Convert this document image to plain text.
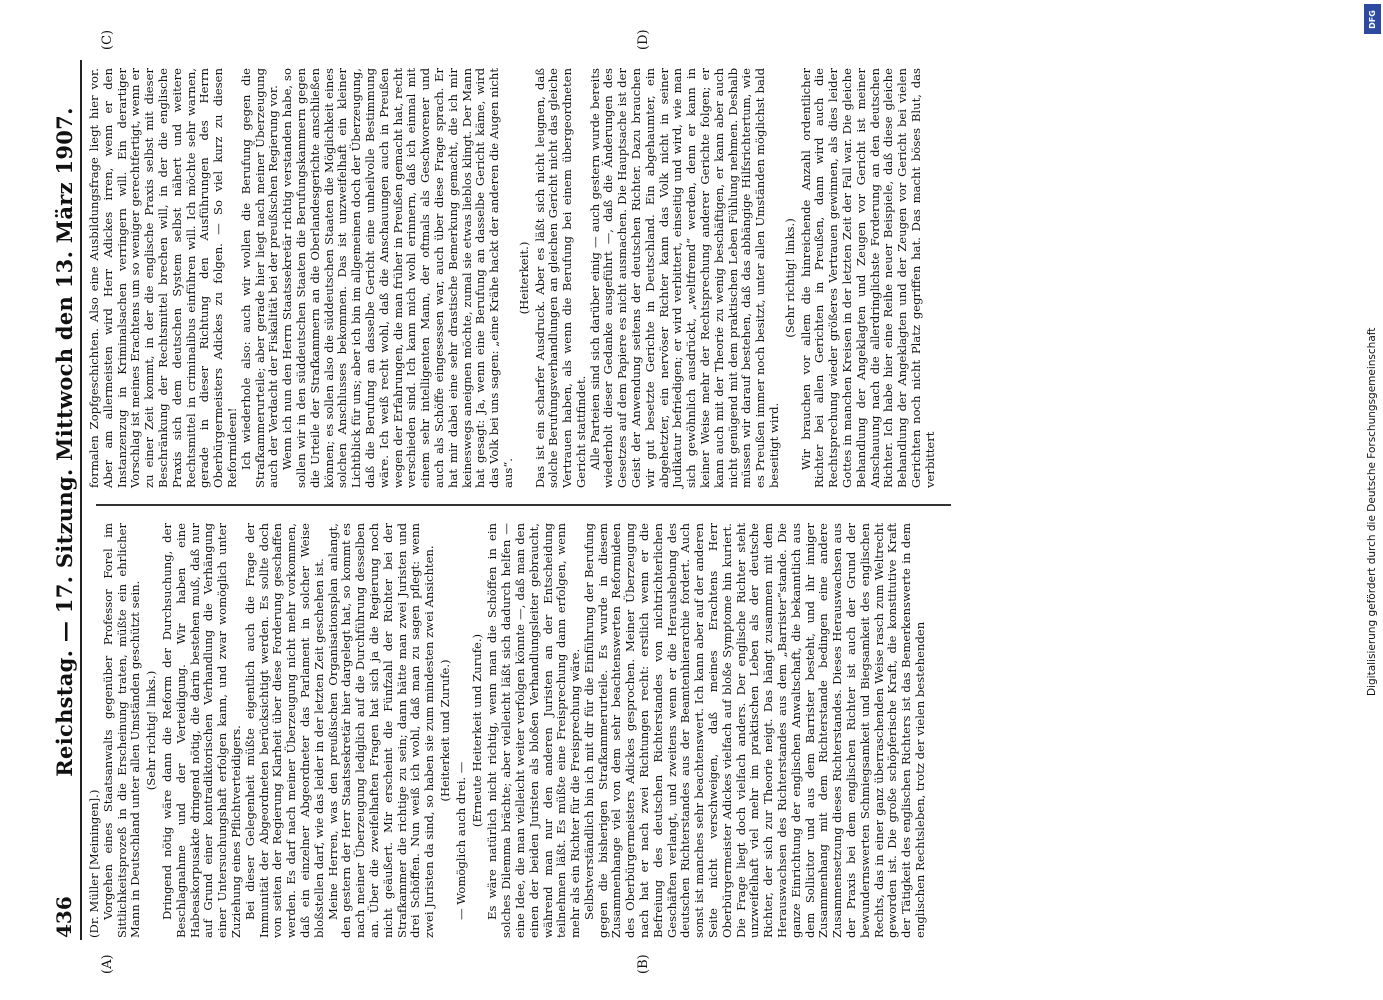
436
Reichstag. — 17. Sitzung. Mittwoch den 13. März 1907.
(A)	(B)
(C)	(D)

(Dr. Müller [Meiningen].) Vorgehen eines Staatsanwalts gegenüber Professor Forel im Sittlichkeitsprozeß in die Erscheinung traten, müßte ein ehrlicher Mann in Deutschland unter allen Umständen geschützt sein. (Sehr richtig! links.) Dringend nötig wäre dann die Reform der Durchsuchung, der Beschlagnahme und der Verteidigung. Wir haben eine Habeaskorpusakte dringend nötig, die darin bestehen muß, daß nur auf Grund einer kontradiktorischen Verhandlung die Verhängung einer Untersuchungshaft erfolgen kann, und zwar womöglich unter Zuziehung eines Pflichtverteidigers. Bei dieser Gelegenheit müßte eigentlich auch die Frage der Immunität der Abgeordneten berücksichtigt werden. Es sollte doch von seiten der Regierung Klarheit über diese Forderung geschaffen werden. Es darf nach meiner Überzeugung nicht mehr vorkommen, daß ein einzelner Abgeordneter das Parlament in solcher Weise bloßstellen darf, wie das leider in der letzten Zeit geschehen ist. Meine Herren, was den preußischen Organisationsplan anlangt, den gestern der Herr Staatssekretär hier dargelegt hat, so kommt es nach meiner Überzeugung lediglich auf die Durchführung desselben an. Über die zweifelhaften Fragen hat sich ja die Regierung noch nicht geäußert. Mir erscheint die Fünfzahl der Richter bei der Strafkammer die richtige zu sein; dann hätte man zwei Juristen und drei Schöffen. Nun weiß ich wohl, daß man zu sagen pflegt: wenn zwei Juristen da sind, so haben sie zum mindesten zwei Ansichten. (Heiterkeit und Zurufe.)

— Womöglich auch drei. —

(Erneute Heiterkeit und Zurufe.) Es wäre natürlich nicht richtig, wenn man die Schöffen in ein solches Dilemma brächte; aber vielleicht läßt sich dadurch helfen — eine Idee, die man vielleicht weiter verfolgen könnte —, daß man den einen der beiden Juristen als bloßen Verhandlungsleiter gebraucht, während man nur den anderen Juristen an der Entscheidung teilnehmen läßt. Es müßte eine Freisprechung dann erfolgen, wenn mehr als ein Richter für die Freisprechung wäre. Selbstverständlich bin ich mit dir für die Einführung der Berufung gegen die bisherigen Strafkammerurteile. Es wurde in diesem Zusammenhange viel von dem sehr beachtenswerten Reformideen des Oberbürgermeisters Adickes gesprochen. Meiner Überzeugung nach hat er nach zwei Richtungen recht: erstlich wenn er die Befreiung des deutschen Richterstandes von nichtrichterlichen Geschäften verlangt, und zweitens wenn er die Heraushebung des deutschen Richterstandes aus der Beamtenhierarchie fordert. Auch sonst ist manches sehr beachtenswert. Ich kann aber auf der anderen Seite nicht verschweigen, daß meines Erachtens Herr Oberbürgermeister Adickes vielfach auf bloße Symptome hin kuriert. Die Frage liegt doch vielfach anders. Der englische Richter steht unzweifelhaft viel mehr im praktischen Leben als der deutsche Richter, der sich zur Theorie neigt. Das hängt zusammen mit dem Herauswachsen des Richterstandes aus dem „Barrister“stande. Die ganze Einrichtung der englischen Anwaltschaft, die bekanntlich aus dem Sollicitor und aus dem Barrister besteht, und ihr inniger Zusammenhang mit dem Richterstande bedingen eine andere Zusammensetzung dieses Richterstandes. Dieses Herauswachsen aus der Praxis bei dem englischen Richter ist auch der Grund der bewundernswerten Schmiegsamkeit und Biegsamkeit des englischen Rechts, das in einer ganz überraschenden Weise rasch zum Weltrecht geworden ist. Die große schöpferische Kraft, die konstitutive Kraft der Tätigkeit des englischen Richters ist das Bemerkenswerte in dem englischen Rechtsleben, trotz der vielen bestehenden

formalen Zopfgeschichten. Also eine Ausbildungsfrage liegt hier vor. Aber am allermeisten wird Herr Adickes irren, wenn er den Instanzenzug in Kriminalsachen verringern will. Ein derartiger Vorschlag ist meines Erachtens um so weniger gerechtfertigt, wenn er zu einer Zeit kommt, in der die englische Praxis selbst mit dieser Beschränkung der Rechtsmittel brechen will, in der die englische Praxis sich dem deutschen System selbst nähert und weitere Rechtsmittel in criminalibus einführen will. Ich möchte sehr warnen, gerade in dieser Richtung den Ausführungen des Herrn Oberbürgermeisters Adickes zu folgen. — So viel kurz zu diesen Reformideen! Ich wiederhole also: auch wir wollen die Berufung gegen die Strafkammerurteile; aber gerade hier liegt nach meiner Überzeugung auch der Verdacht der Fiskalität bei der preußischen Regierung vor. Wenn ich nun den Herrn Staatssekretär richtig verstanden habe, so sollen wir in den süddeutschen Staaten die Berufungskammern gegen die Urteile der Strafkammern an die Oberlandesgerichte anschließen können; es sollen also die süddeutschen Staaten die Möglichkeit eines solchen Anschlusses bekommen. Das ist unzweifelhaft ein kleiner Lichtblick für uns; aber ich bin im allgemeinen doch der Überzeugung, daß die Berufung an dasselbe Gericht eine unheilvolle Bestimmung wäre. Ich weiß recht wohl, daß die Anschauungen auch in Preußen wegen der Erfahrungen, die man früher in Preußen gemacht hat, recht verschieden sind. Ich kann mich wohl erinnern, daß ich einmal mit einem sehr intelligenten Mann, der oftmals als Geschworener und auch als Schöffe eingesessen war, auch über diese Frage sprach. Er hat mir dabei eine sehr drastische Bemerkung gemacht, die ich mir keineswegs aneignen möchte, zumal sie etwas lieblos klingt. Der Mann hat gesagt: Ja, wenn eine Berufung an dasselbe Gericht käme, wird das Volk bei uns sagen: „eine Krähe hackt der anderen die Augen nicht aus“.

(Heiterkeit.) Das ist ein scharfer Ausdruck. Aber es läßt sich nicht leugnen, daß solche Berufungsverhandlungen an gleichen Gericht nicht das gleiche Vertrauen haben, als wenn die Berufung bei einem übergeordneten Gericht stattfindet. Alle Parteien sind sich darüber einig — auch gestern wurde bereits wiederholt dieser Gedanke ausgeführt —, daß die Änderungen des Gesetzes auf dem Papiere es nicht ausmachen. Die Hauptsache ist der Geist der Anwendung seitens der deutschen Richter. Dazu brauchen wir gut besetzte Gerichte in Deutschland. Ein abgehaumter, ein abgehetzter, ein nervöser Richter kann das Volk nicht in seiner Judikatur befriedigen; er wird verbittert, einseitig und wird, wie man sich gewöhnlich ausdrückt, „weltfremd“ werden, denn er kann in keiner Weise mehr der Rechtsprechung anderer Gerichte folgen; er kann auch mit der Theorie zu wenig beschäftigen, er kann aber auch nicht genügend mit dem praktischen Leben Fühlung nehmen. Deshalb müssen wir darauf bestehen, daß das abhängige Hilfsrichtertum, wie es Preußen immer noch besitzt, unter allen Umständen möglichst bald beseitigt wird.

(Sehr richtig! links.) Wir brauchen vor allem die hinreichende Anzahl ordentlicher Richter bei allen Gerichten in Preußen, dann wird auch die Rechtsprechung wieder größeres Vertrauen gewinnen, als dies leider Gottes in manchen Kreisen in der letzten Zeit der Fall war. Die gleiche Behandlung der Angeklagten und Zeugen vor Gericht ist meiner Anschauung nach die allerdringlichste Forderung an den deutschen Richter. Ich habe hier eine Reihe neuer Beispiele, daß diese gleiche Behandlung der Angeklagten und der Zeugen vor Gericht bei vielen Gerichten noch nicht Platz gegriffen hat. Das macht böses Blut, das verbittert	Digitalisierung gefördert durch die Deutsche Forschungsgemeinschaft
DFG
